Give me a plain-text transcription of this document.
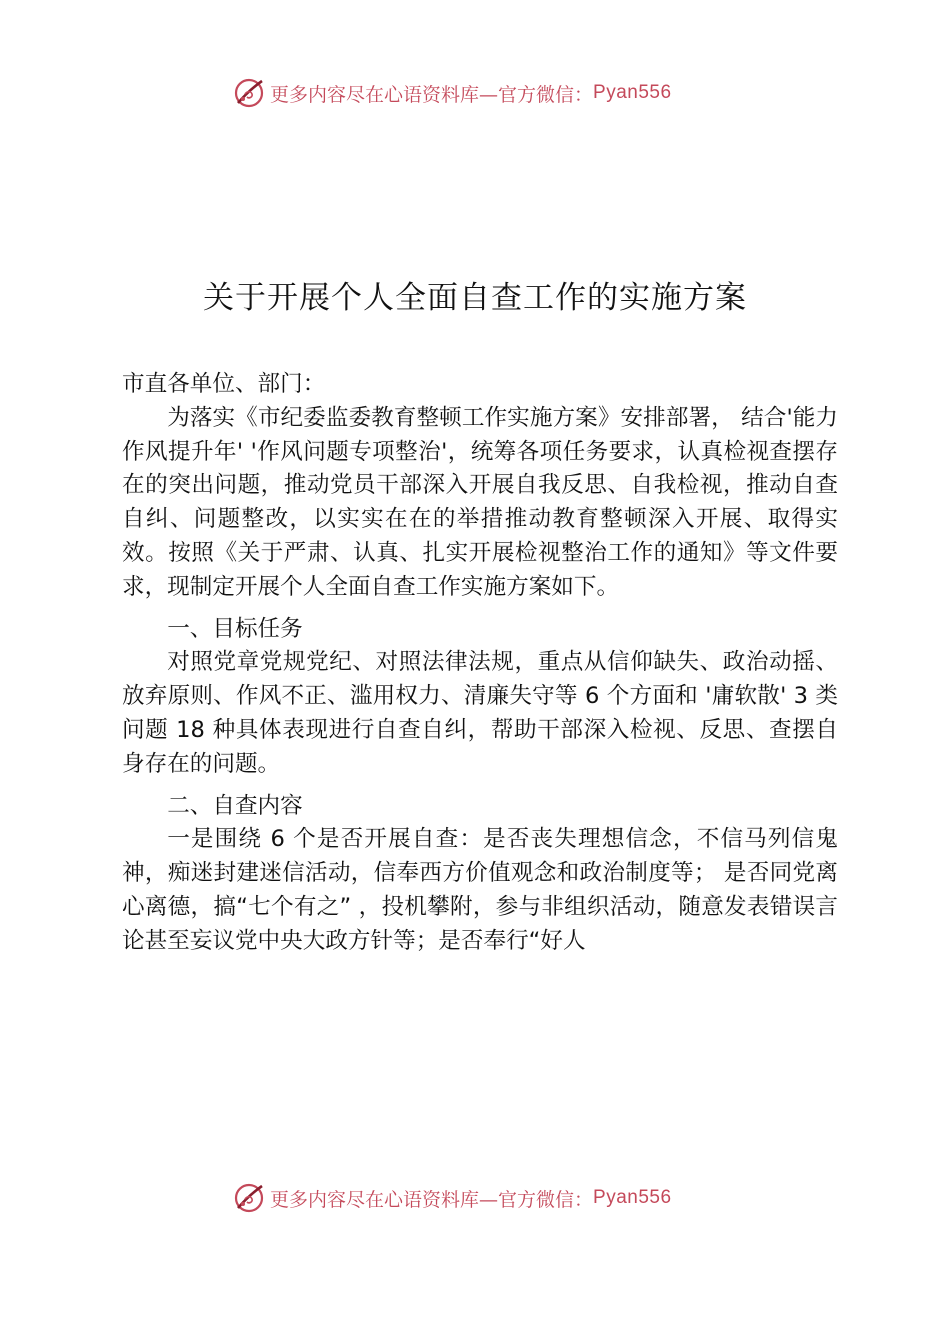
更多内容尽在心语资料库 —官方微信： Pyan556
关于开展个人全面自查工作的实施方案

市直各单位、部门：

为落实《市纪委监委教育整顿工作实施方案》安排部署， 结合'能力作风提升年' '作风问题专项整治'，统筹各项任务要求，认真检视查摆存在的突出问题，推动党员干部深入开展自我反思、自我检视，推动自查自纠、问题整改，以实实在在的举措推动教育整顿深入开展、取得实效。按照《关于严肃、认真、扎实开展检视整治工作的通知》等文件要求，现制定开展个人全面自查工作实施方案如下。

一、目标任务

对照党章党规党纪、对照法律法规，重点从信仰缺失、政治动摇、放弃原则、作风不正、滥用权力、清廉失守等 6 个方面和 '庸软散' 3 类问题 18 种具体表现进行自查自纠，帮助干部深入检视、反思、查摆自身存在的问题。

二、自查内容

一是围绕 6 个是否开展自查：是否丧失理想信念，不信马列信鬼神，痴迷封建迷信活动，信奉西方价值观念和政治制度等； 是否同党离心离德，搞“七个有之” ，投机攀附，参与非组织活动，随意发表错误言论甚至妄议党中央大政方针等；是否奉行“好人

更多内容尽在心语资料库 —官方微信： Pyan556
